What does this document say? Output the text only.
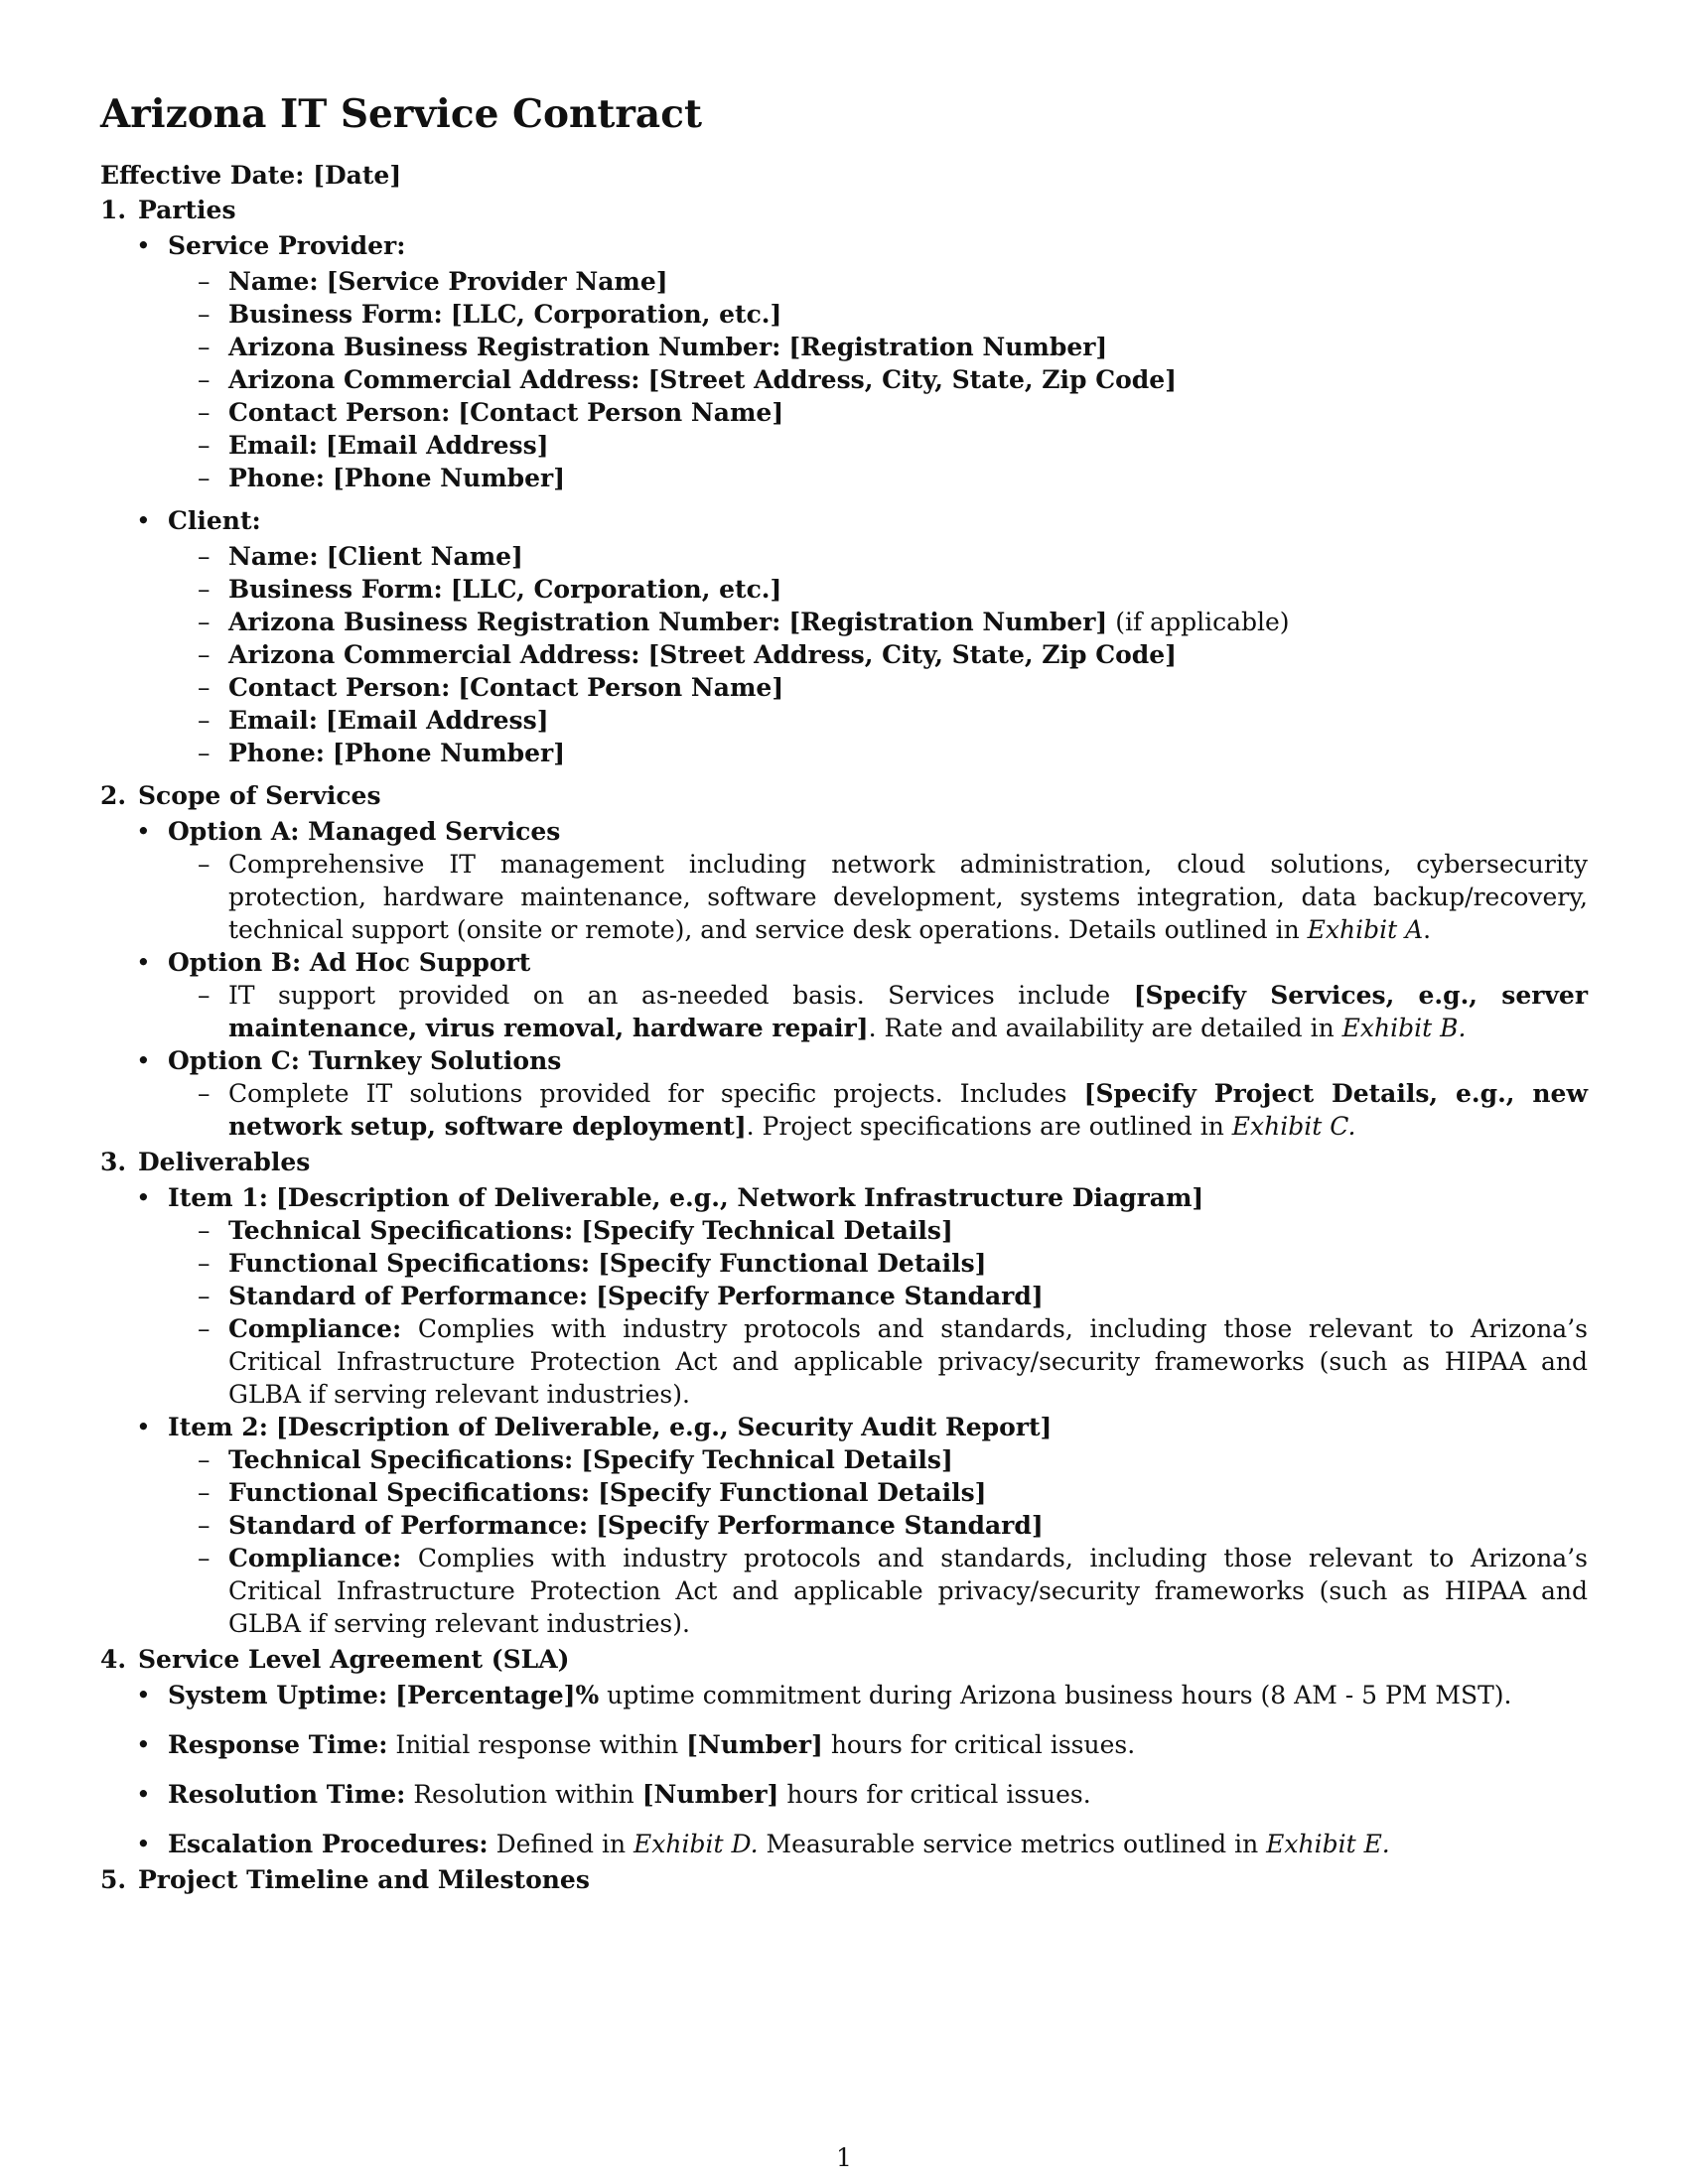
Arizona IT Service Contract
Effective Date: [Date]
1. Parties
• Service Provider:
– Name: [Service Provider Name]
– Business Form: [LLC, Corporation, etc.]
– Arizona Business Registration Number: [Registration Number]
– Arizona Commercial Address: [Street Address, City, State, Zip Code]
– Contact Person: [Contact Person Name]
– Email: [Email Address]
– Phone: [Phone Number]
• Client:
– Name: [Client Name]
– Business Form: [LLC, Corporation, etc.]
– Arizona Business Registration Number: [Registration Number] (if applicable)
– Arizona Commercial Address: [Street Address, City, State, Zip Code]
– Contact Person: [Contact Person Name]
– Email: [Email Address]
– Phone: [Phone Number]
2. Scope of Services
• Option A: Managed Services
– Comprehensive IT management including network administration, cloud solutions, cybersecurity protection, hardware maintenance, software development, systems integration, data backup/recovery, technical support (onsite or remote), and service desk operations. Details outlined in Exhibit A.
• Option B: Ad Hoc Support
– IT support provided on an as-needed basis. Services include [Specify Services, e.g., server maintenance, virus removal, hardware repair]. Rate and availability are detailed in Exhibit B.
• Option C: Turnkey Solutions
– Complete IT solutions provided for specific projects. Includes [Specify Project Details, e.g., new network setup, software deployment]. Project specifications are outlined in Exhibit C.
3. Deliverables
• Item 1: [Description of Deliverable, e.g., Network Infrastructure Diagram]
– Technical Specifications: [Specify Technical Details]
– Functional Specifications: [Specify Functional Details]
– Standard of Performance: [Specify Performance Standard]
– Compliance: Complies with industry protocols and standards, including those relevant to Arizona’s Critical Infrastructure Protection Act and applicable privacy/security frameworks (such as HIPAA and GLBA if serving relevant industries).
• Item 2: [Description of Deliverable, e.g., Security Audit Report]
– Technical Specifications: [Specify Technical Details]
– Functional Specifications: [Specify Functional Details]
– Standard of Performance: [Specify Performance Standard]
– Compliance: Complies with industry protocols and standards, including those relevant to Arizona’s Critical Infrastructure Protection Act and applicable privacy/security frameworks (such as HIPAA and GLBA if serving relevant industries).
4. Service Level Agreement (SLA)
• System Uptime: [Percentage]% uptime commitment during Arizona business hours (8 AM - 5 PM MST).
• Response Time: Initial response within [Number] hours for critical issues.
• Resolution Time: Resolution within [Number] hours for critical issues.
• Escalation Procedures: Defined in Exhibit D. Measurable service metrics outlined in Exhibit E.
5. Project Timeline and Milestones
1
